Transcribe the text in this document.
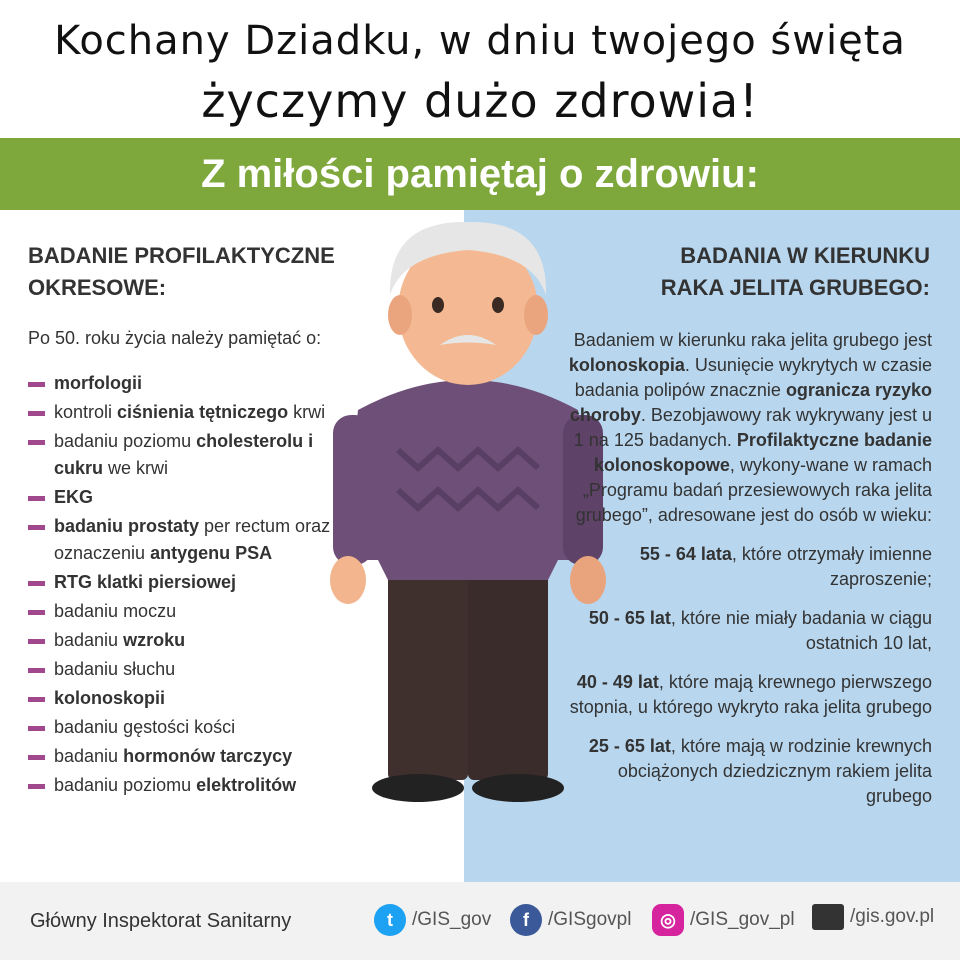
Kochany Dziadku, w dniu twojego święta
życzymy dużo zdrowia!
Z miłości pamiętaj o zdrowiu:
BADANIE PROFILAKTYCZNE
OKRESOWE:
Po 50. roku życia należy pamiętać o:
morfologii
kontroli ciśnienia tętniczego krwi
badaniu poziomu cholesterolu i cukru we krwi
EKG
badaniu prostaty per rectum oraz oznaczeniu antygenu PSA
RTG klatki piersiowej
badaniu moczu
badaniu wzroku
badaniu słuchu
kolonoskopii
badaniu gęstości kości
badaniu hormonów tarczycy
badaniu poziomu elektrolitów
BADANIA W KIERUNKU
RAKA JELITA GRUBEGO:

Badaniem w kierunku raka jelita grubego jest kolonoskopia. Usunięcie wykrytych w czasie badania polipów znacznie ogranicza ryzyko choroby. Bezobjawowy rak wykrywany jest u 1 na 125 badanych. Profilaktyczne badanie kolonoskopowe, wykony-wane w ramach „Programu badań przesiewowych raka jelita grubego”, adresowane jest do osób w wieku:

55 - 64 lata, które otrzymały imienne zaproszenie;

50 - 65 lat, które nie miały badania w ciągu ostatnich 10 lat,

40 - 49 lat, które mają krewnego pierwszego stopnia, u którego wykryto raka jelita grubego

25 - 65 lat, które mają w rodzinie krewnych obciążonych dziedzicznym rakiem jelita grubego

Główny Inspektorat Sanitarny	t	/GIS_gov	f	/GISgovpl	◎ /GIS_gov_pl	/gis.gov.pl
